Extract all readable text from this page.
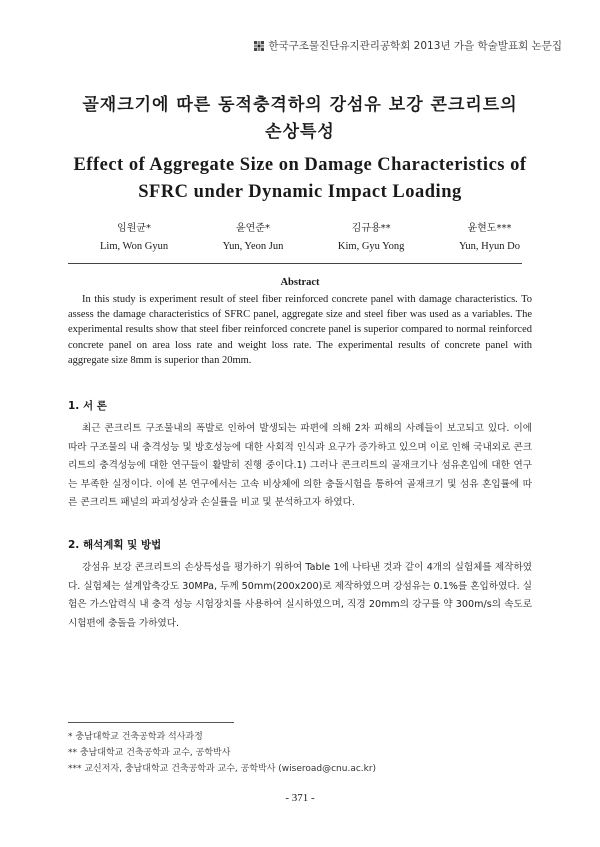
한국구조물진단유지관리공학회 2013년 가을 학술발표회 논문집
골재크기에 따른 동적충격하의 강섬유 보강 콘크리트의
손상특성
Effect of Aggregate Size on Damage Characteristics of
SFRC under Dynamic Impact Loading
임원균*
Lim, Won Gyun
윤연준*
Yun, Yeon Jun
김규용**
Kim, Gyu Yong
윤현도***
Yun, Hyun Do
Abstract
In this study is experiment result of steel fiber reinforced concrete panel with damage characteristics. To assess the damage characteristics of SFRC panel, aggregate size and steel fiber was used as a variables. The experimental results show that steel fiber reinforced concrete panel is superior compared to normal reinforced concrete panel on area loss rate and weight loss rate. The experimental results of concrete panel with aggregate size 8mm is superior than 20mm.
1. 서 론
최근 콘크리트 구조물내의 폭발로 인하여 발생되는 파편에 의해 2차 피해의 사례들이 보고되고 있다. 이에 따라 구조물의 내 충격성능 및 방호성능에 대한 사회적 인식과 요구가 증가하고 있으며 이로 인해 국내외로 콘크리트의 충격성능에 대한 연구들이 활발히 진행 중이다.1) 그러나 콘크리트의 골재크기나 섬유혼입에 대한 연구는 부족한 실정이다. 이에 본 연구에서는 고속 비상체에 의한 충돌시험을 통하여 골재크기 및 섬유 혼입률에 따른 콘크리트 패널의 파괴성상과 손실률을 비교 및 분석하고자 하였다.
2. 해석계획 및 방법
강섬유 보강 콘크리트의 손상특성을 평가하기 위하여 Table 1에 나타낸 것과 같이 4개의 실험체를 제작하였다. 실험체는 설계압축강도 30MPa, 두께 50mm(200x200)로 제작하였으며 강섬유는 0.1%를 혼입하였다. 실험은 가스압력식 내 충격 성능 시험장치를 사용하여 실시하였으며, 직경 20mm의 강구를 약 300m/s의 속도로 시험편에 충돌을 가하였다.
* 충남대학교 건축공학과 석사과정
** 충남대학교 건축공학과 교수, 공학박사
*** 교신저자, 충남대학교 건축공학과 교수, 공학박사 (wiseroad@cnu.ac.kr)
- 371 -
